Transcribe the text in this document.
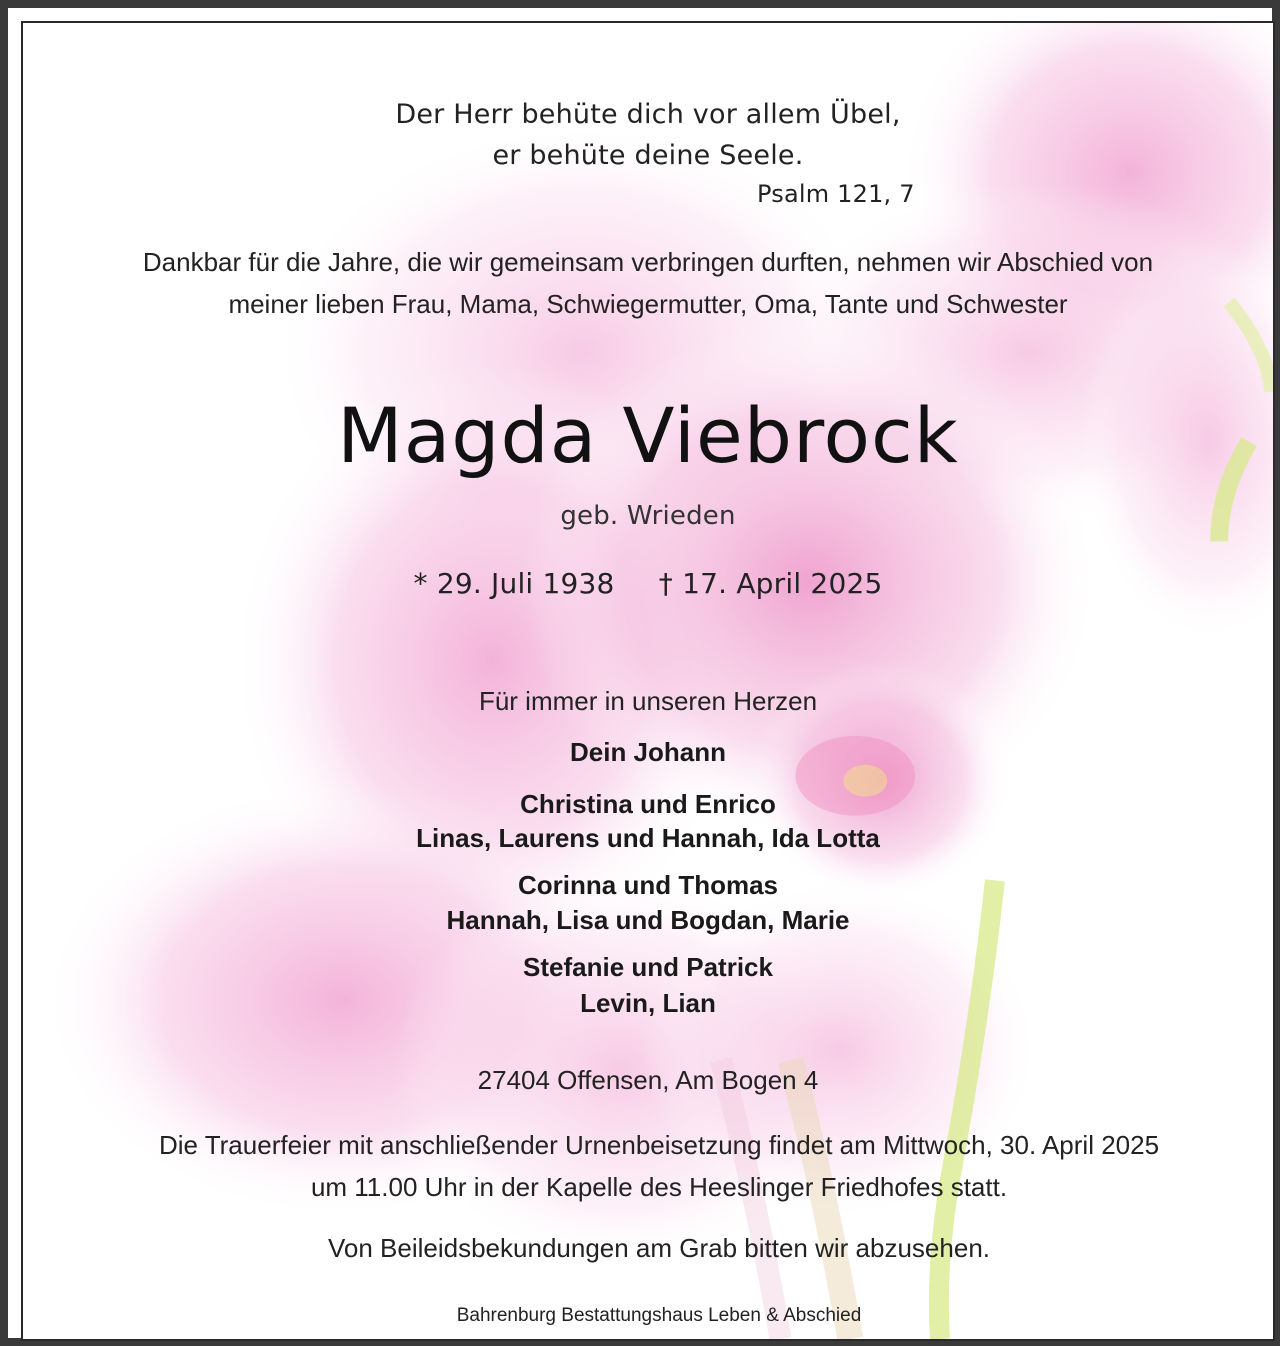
Der Herr behüte dich vor allem Übel,
er behüte deine Seele.
Psalm 121, 7
Dankbar für die Jahre, die wir gemeinsam verbringen durften, nehmen wir Abschied von
meiner lieben Frau, Mama, Schwiegermutter, Oma, Tante und Schwester
Magda Viebrock
geb. Wrieden
* 29. Juli 1938 † 17. April 2025
Für immer in unseren Herzen
Dein Johann
Christina und Enrico
Linas, Laurens und Hannah, Ida Lotta
Corinna und Thomas
Hannah, Lisa und Bogdan, Marie
Stefanie und Patrick
Levin, Lian
27404 Offensen, Am Bogen 4
Die Trauerfeier mit anschließender Urnenbeisetzung findet am Mittwoch, 30. April 2025
um 11.00 Uhr in der Kapelle des Heeslinger Friedhofes statt.
Von Beileidsbekundungen am Grab bitten wir abzusehen.
Bahrenburg Bestattungshaus Leben & Abschied
